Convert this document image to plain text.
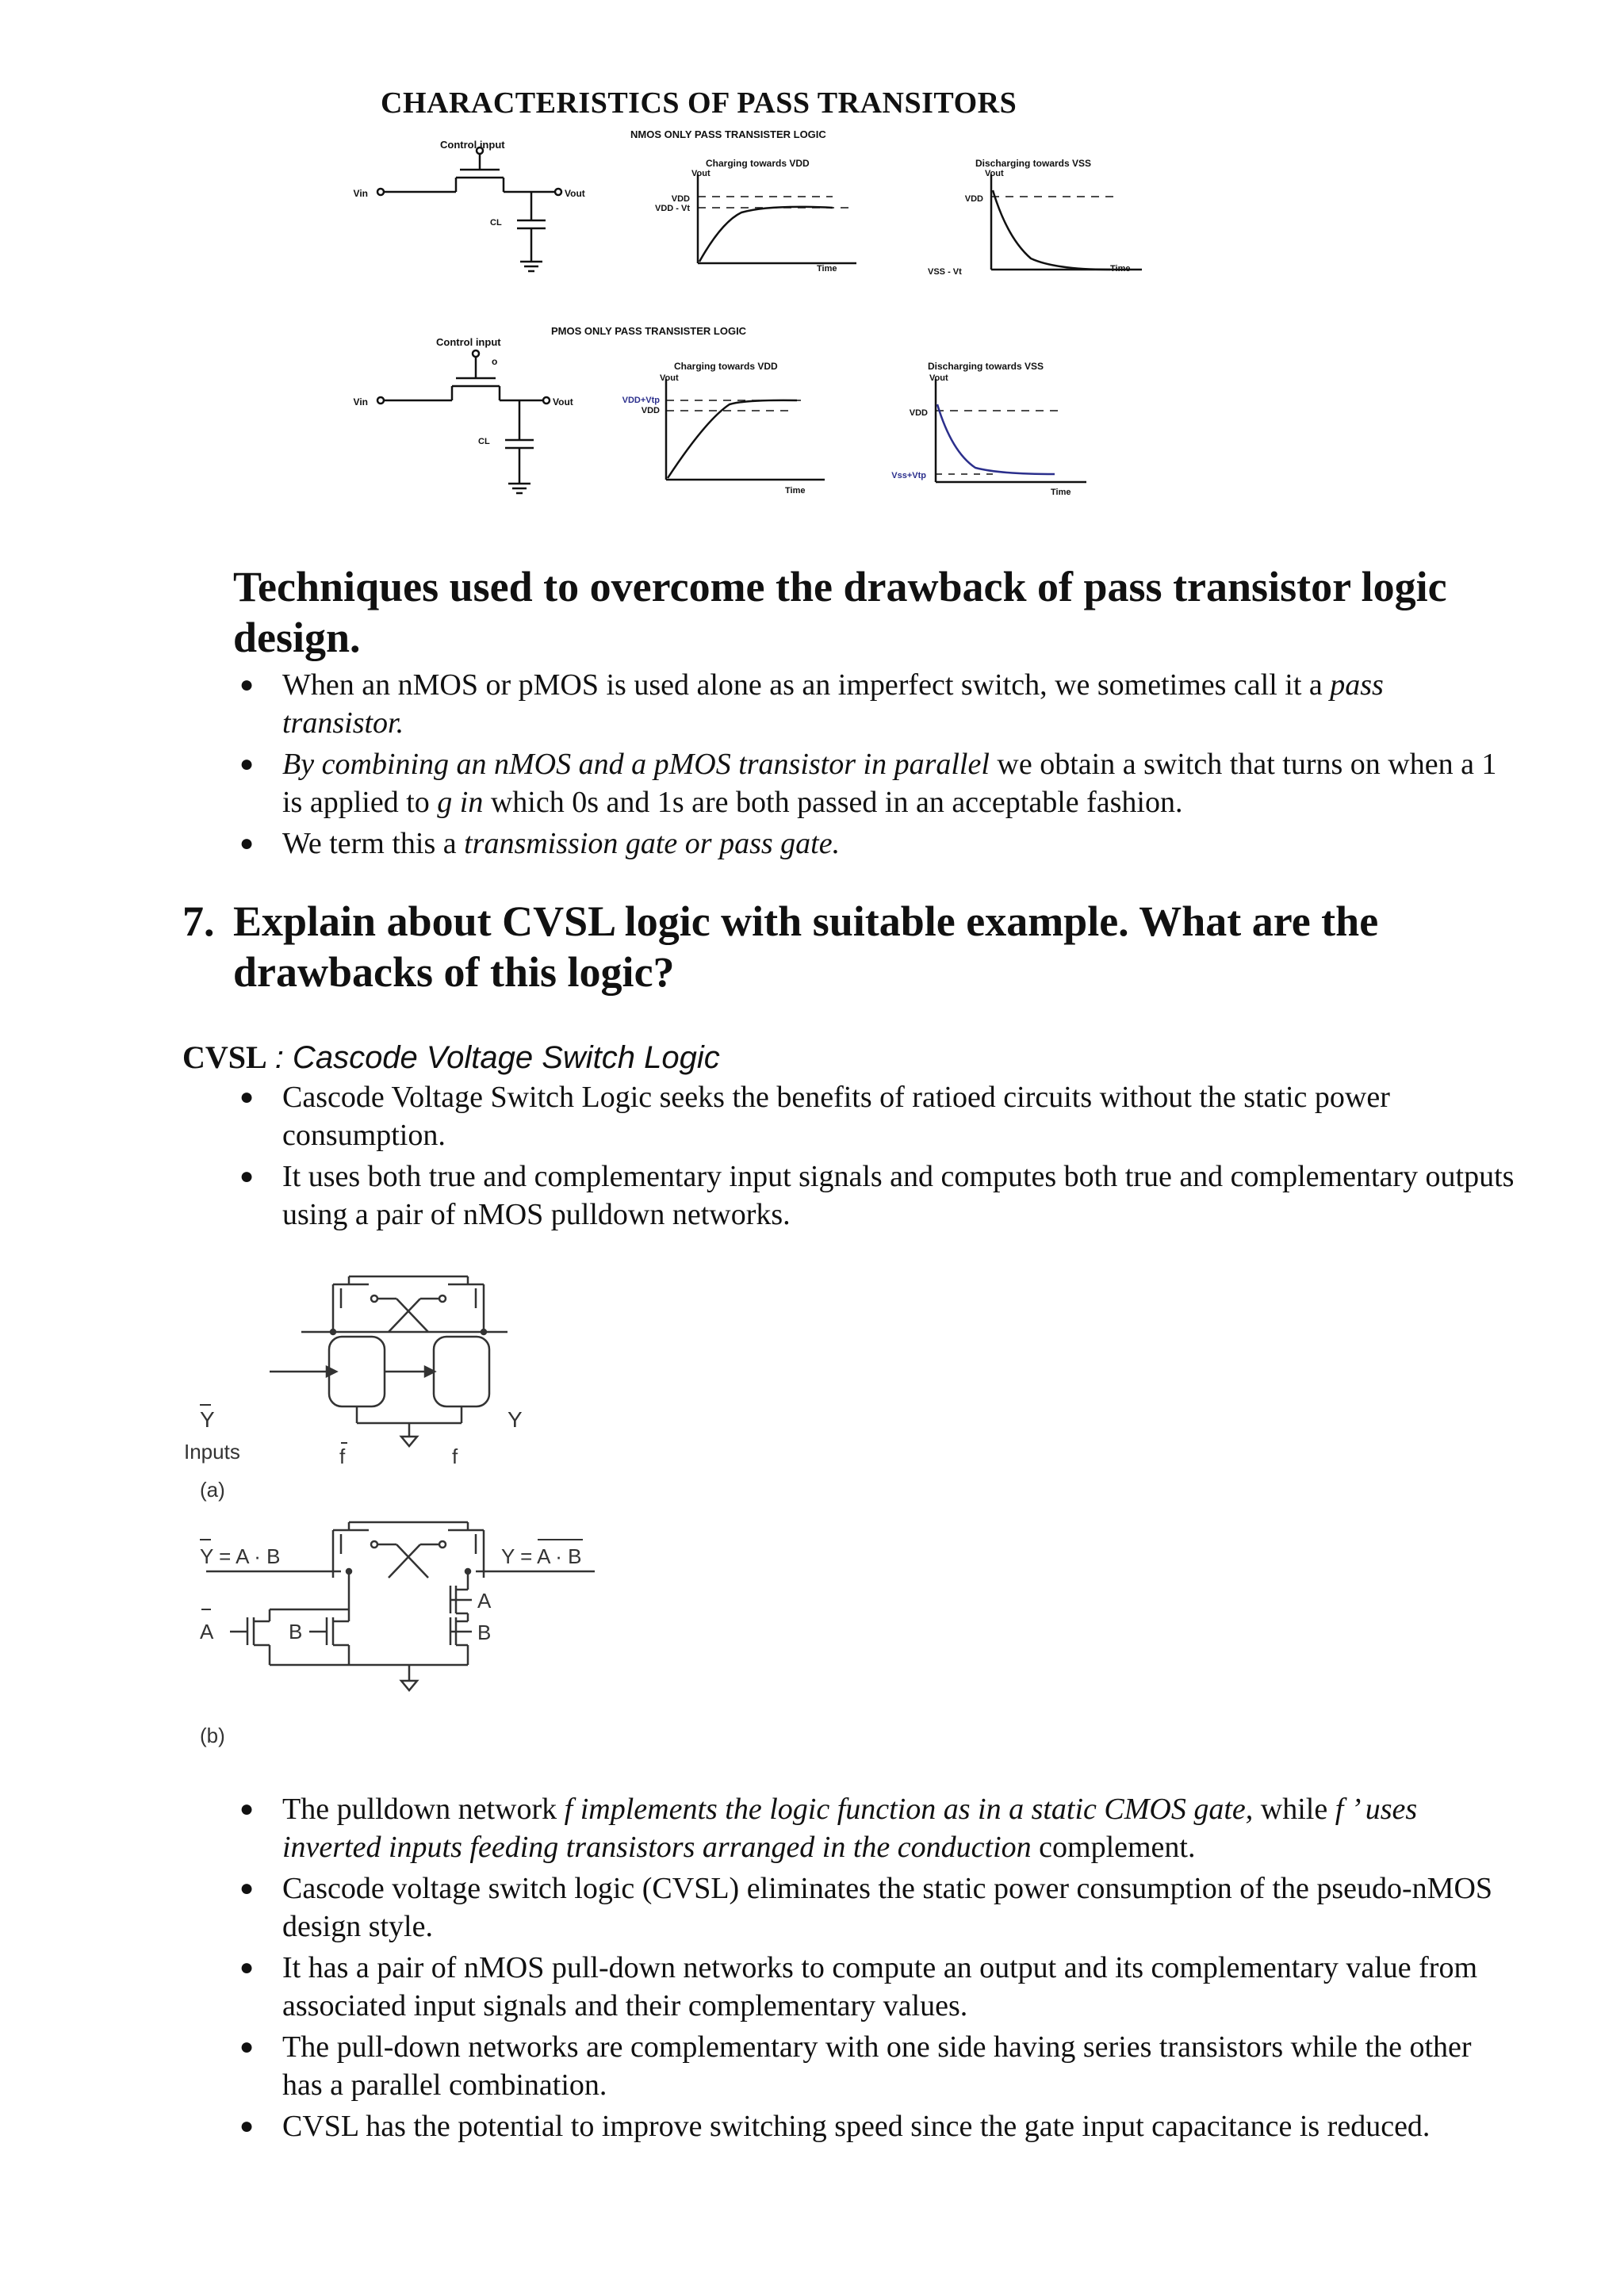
CHARACTERISTICS OF PASS TRANSITORS
NMOS ONLY PASS TRANSISTER LOGIC
Control input
Vin	Vout
CL
Charging towards VDD
Vout
VDD
VDD - Vt
Time
Discharging towards VSS
Vout
VDD
VSS - Vt	Time
PMOS ONLY PASS TRANSISTER LOGIC
Control input
o
Vin	Vout
CL
Charging towards VDD
Vout
VDD+Vtp
VDD
Time
Discharging towards VSS
Vout
VDD
Vss+Vtp
Time
Techniques used to overcome the drawback of pass transistor logic design.
● When an nMOS or pMOS is used alone as an imperfect switch, we sometimes call it a pass transistor.
● By combining an nMOS and a pMOS transistor in parallel we obtain a switch that turns on when a 1 is applied to g in which 0s and 1s are both passed in an acceptable fashion.
● We term this a transmission gate or pass gate.
7. Explain about CVSL logic with suitable example. What are the drawbacks of this logic?
CVSL : Cascode Voltage Switch Logic
● Cascode Voltage Switch Logic seeks the benefits of ratioed circuits without the static power consumption.
● It uses both true and complementary input signals and computes both true and complementary outputs using a pair of nMOS pulldown networks.
Y	Y
Inputs	f	f
(a)
Y = A · B	Y = A · B
A	B
A
B
(b)
● The pulldown network f implements the logic function as in a static CMOS gate, while f ’ uses inverted inputs feeding transistors arranged in the conduction complement.
● Cascode voltage switch logic (CVSL) eliminates the static power consumption of the pseudo-nMOS design style.
● It has a pair of nMOS pull-down networks to compute an output and its complementary value from associated input signals and their complementary values.
● The pull-down networks are complementary with one side having series transistors while the other has a parallel combination.
● CVSL has the potential to improve switching speed since the gate input capacitance is reduced.
